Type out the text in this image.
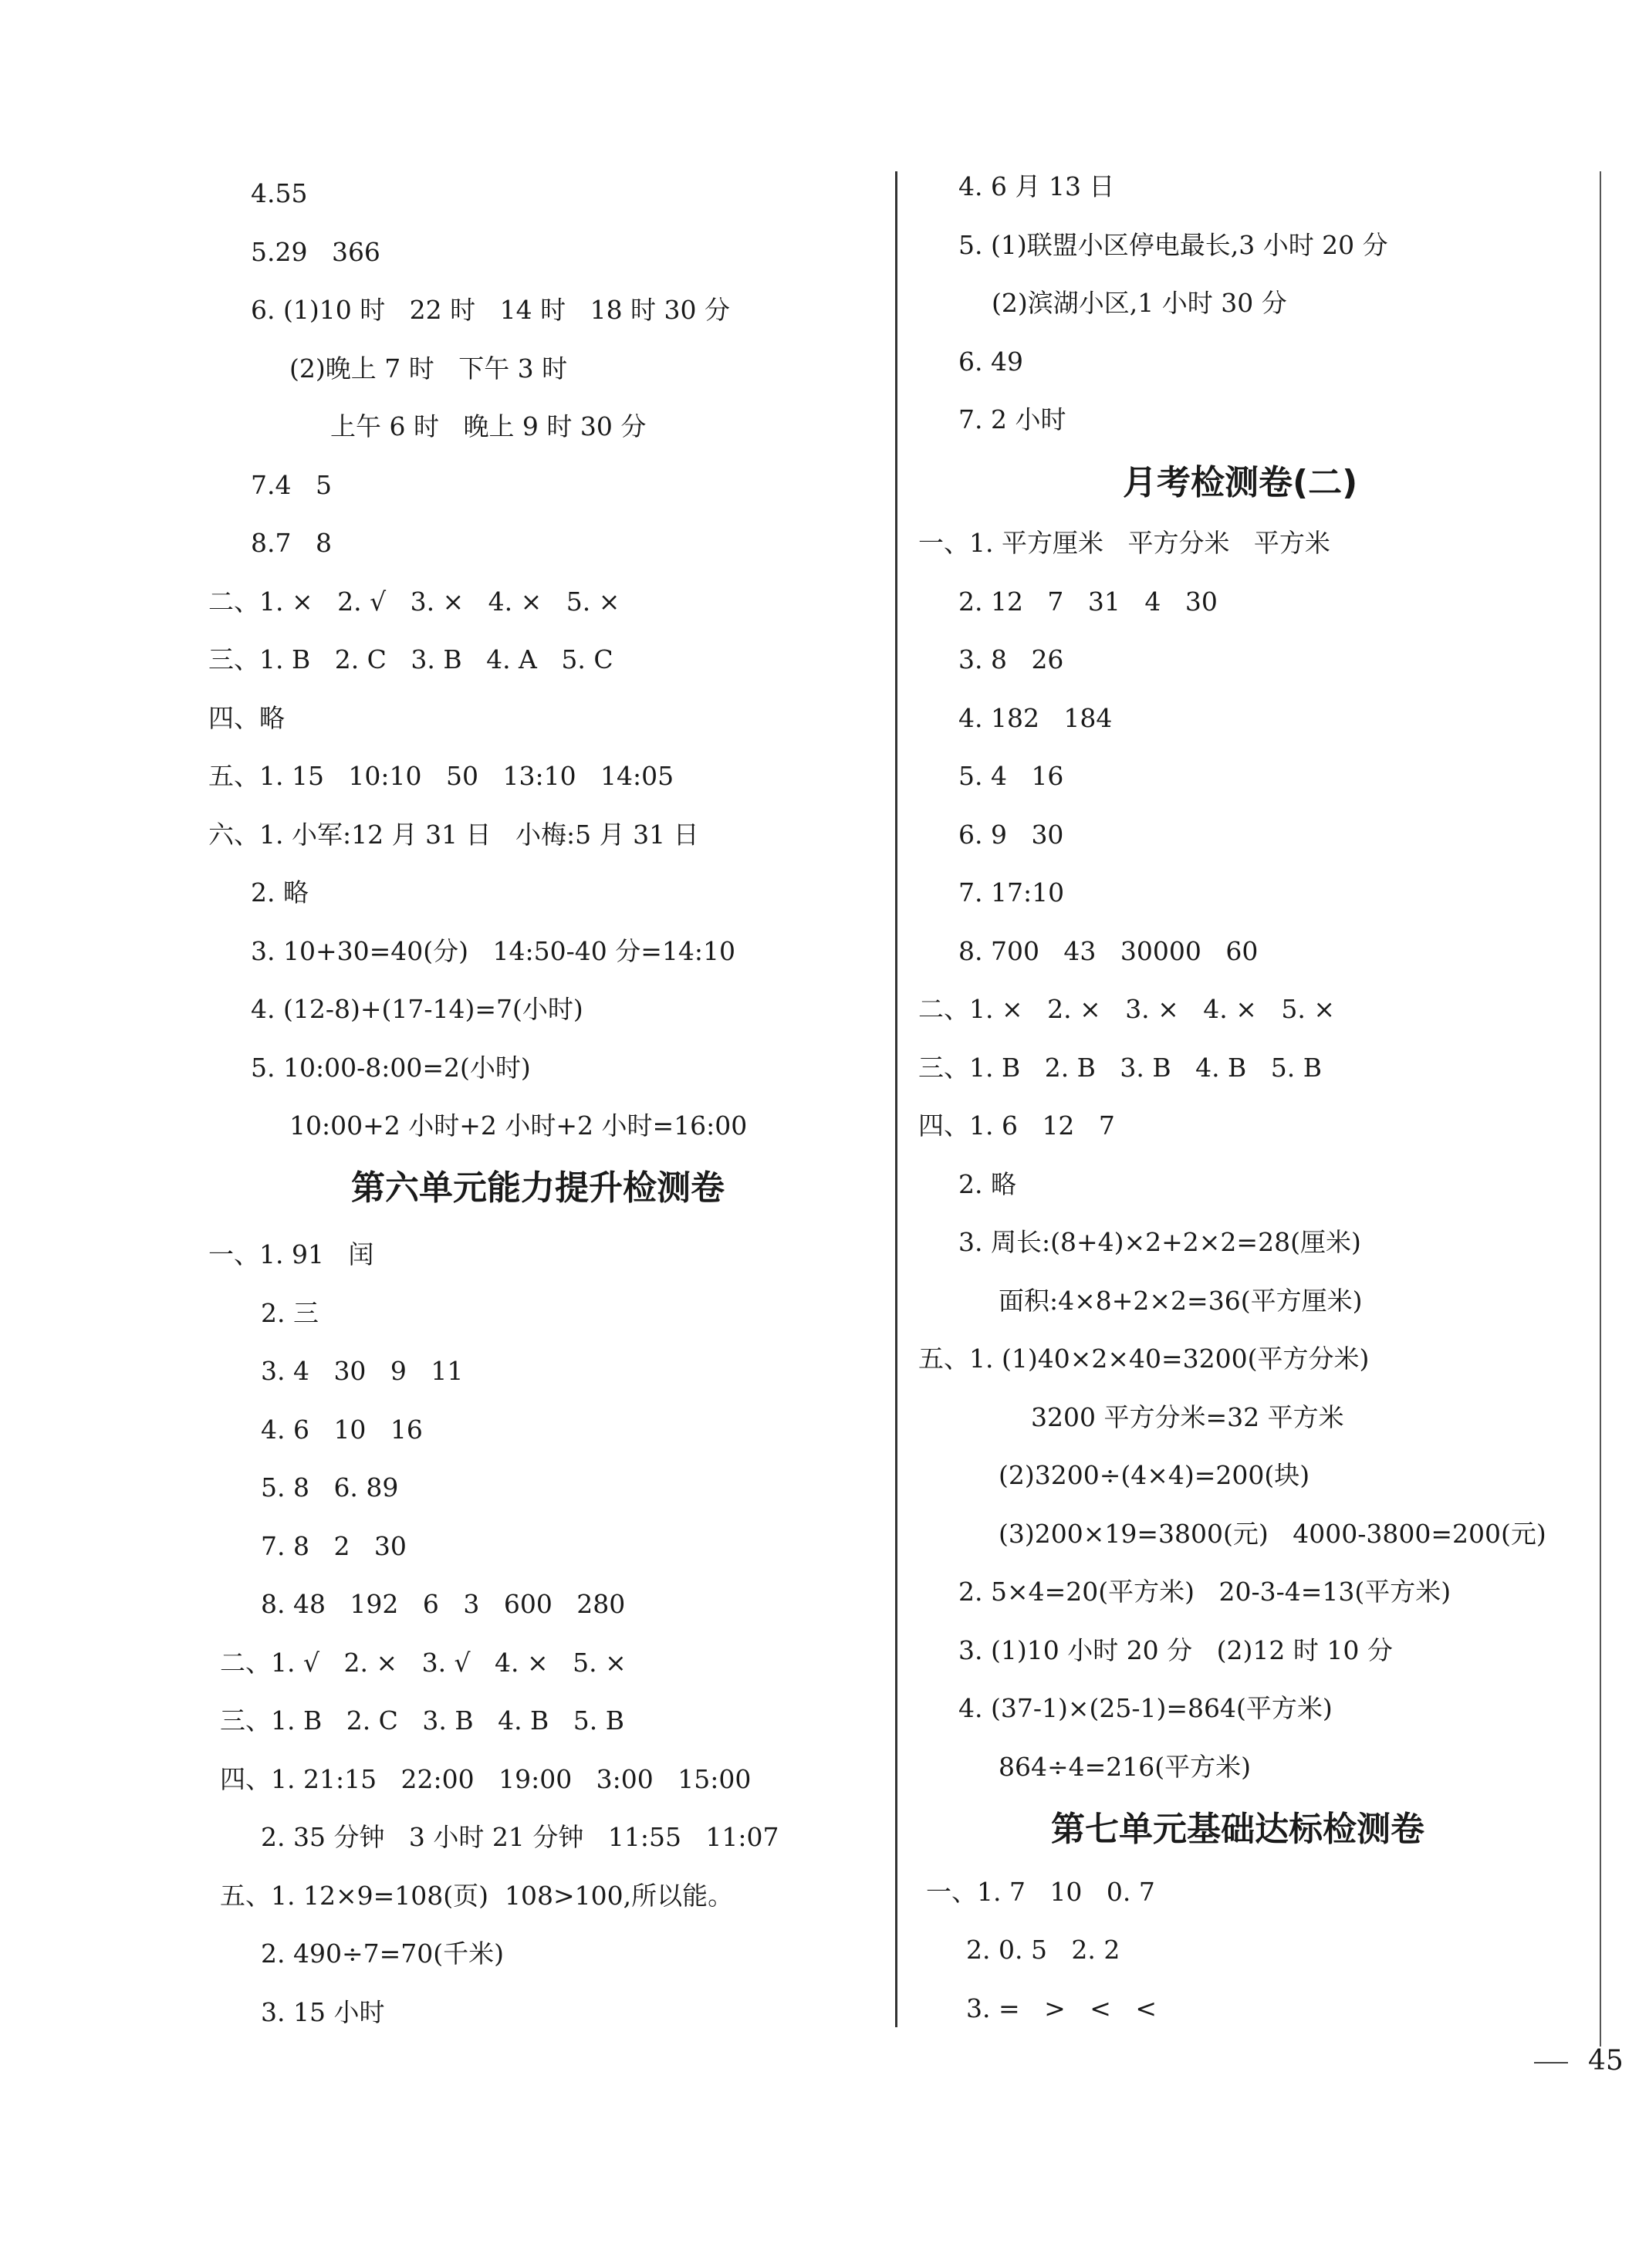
4.55
5.29   366
6. (1)10 时   22 时   14 时   18 时 30 分
(2)晚上 7 时   下午 3 时
上午 6 时   晚上 9 时 30 分
7.4   5
8.7   8
二、1. ×   2. √   3. ×   4. ×   5. ×
三、1. B   2. C   3. B   4. A   5. C
四、略
五、1. 15   10:10   50   13:10   14:05
六、1. 小军:12 月 31 日   小梅:5 月 31 日
2. 略
3. 10+30=40(分)   14:50-40 分=14:10
4. (12-8)+(17-14)=7(小时)
5. 10:00-8:00=2(小时)
10:00+2 小时+2 小时+2 小时=16:00
第六单元能力提升检测卷
一、1. 91   闰
2. 三
3. 4   30   9   11
4. 6   10   16
5. 8   6. 89
7. 8   2   30
8. 48   192   6   3   600   280
二、1. √   2. ×   3. √   4. ×   5. ×
三、1. B   2. C   3. B   4. B   5. B
四、1. 21:15   22:00   19:00   3:00   15:00
2. 35 分钟   3 小时 21 分钟   11:55   11:07
五、1. 12×9=108(页)  108>100,所以能。
2. 490÷7=70(千米)
3. 15 小时
4. 6 月 13 日
5. (1)联盟小区停电最长,3 小时 20 分
(2)滨湖小区,1 小时 30 分
6. 49
7. 2 小时
月考检测卷(二)
一、1. 平方厘米   平方分米   平方米
2. 12   7   31   4   30
3. 8   26
4. 182   184
5. 4   16
6. 9   30
7. 17:10
8. 700   43   30000   60
二、1. ×   2. ×   3. ×   4. ×   5. ×
三、1. B   2. B   3. B   4. B   5. B
四、1. 6   12   7
2. 略
3. 周长:(8+4)×2+2×2=28(厘米)
面积:4×8+2×2=36(平方厘米)
五、1. (1)40×2×40=3200(平方分米)
3200 平方分米=32 平方米
(2)3200÷(4×4)=200(块)
(3)200×19=3800(元)   4000-3800=200(元)
2. 5×4=20(平方米)   20-3-4=13(平方米)
3. (1)10 小时 20 分   (2)12 时 10 分
4. (37-1)×(25-1)=864(平方米)
864÷4=216(平方米)
第七单元基础达标检测卷
一、1. 7   10   0. 7
2. 0. 5   2. 2
3. =   >   <   <
45
